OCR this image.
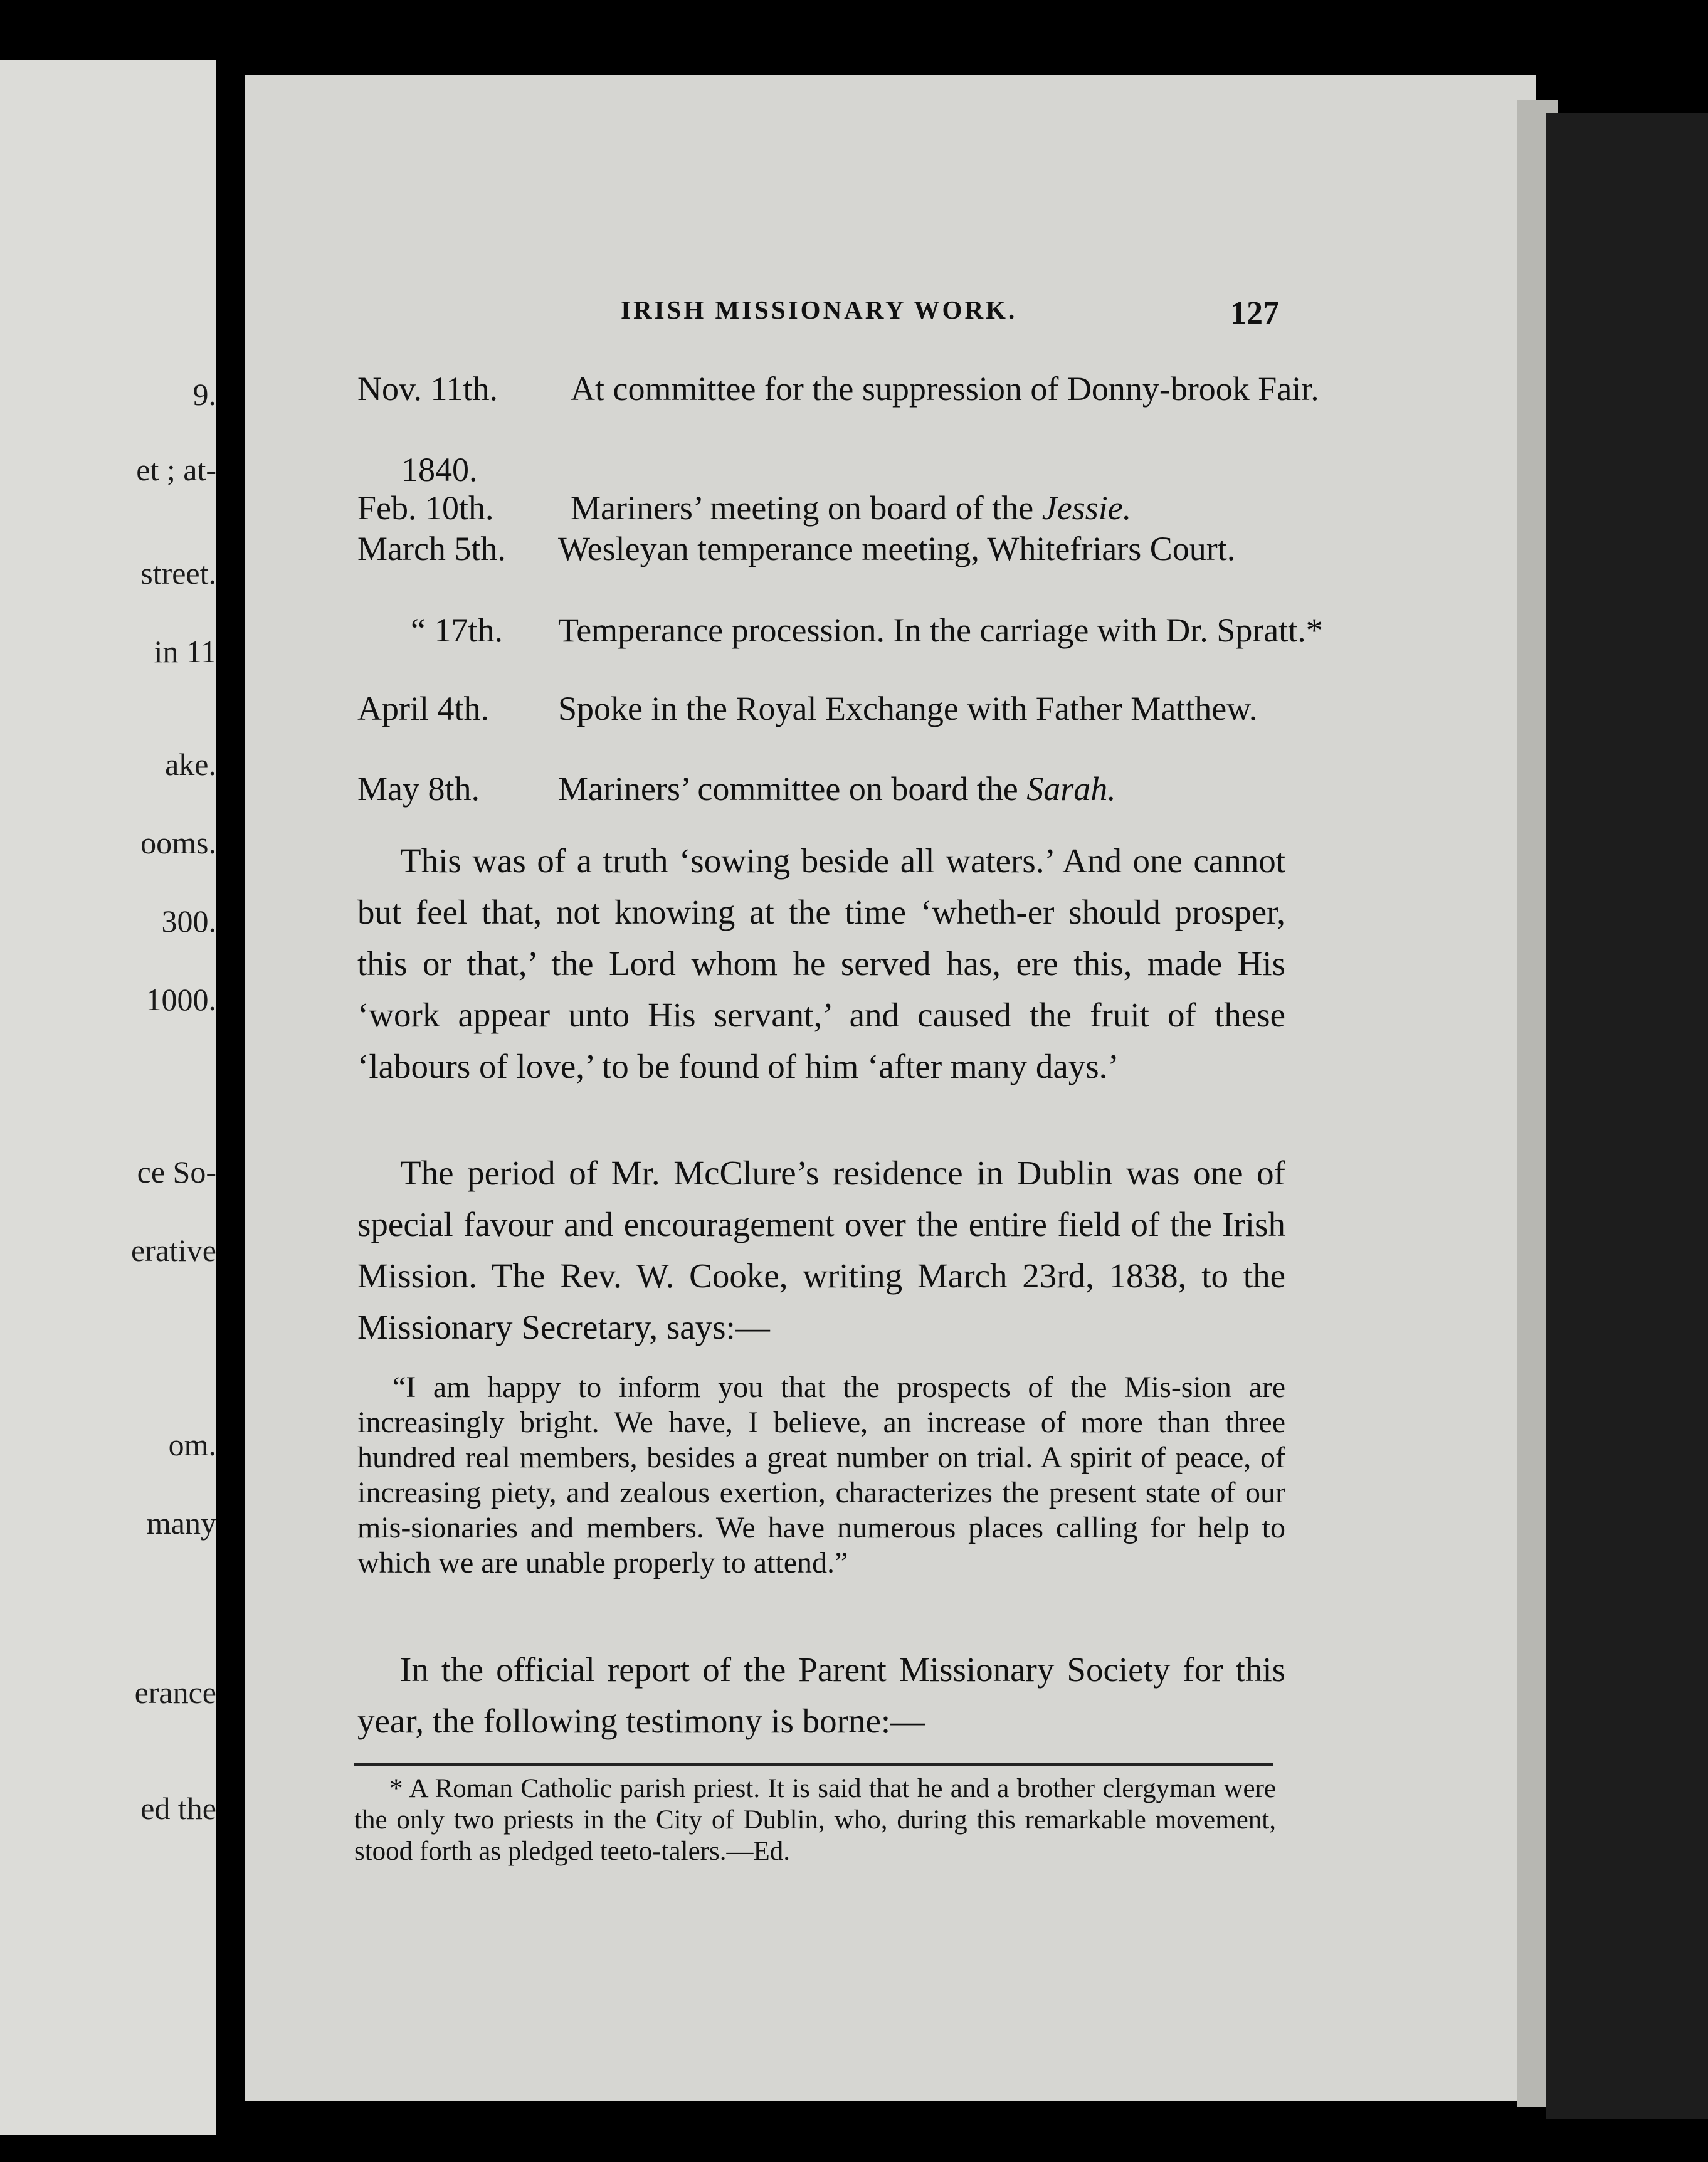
9.
et ; at-
street.
in 11
ake.
ooms.
300.
1000.
ce So-
erative
om.
many
erance
ed the
IRISH MISSIONARY WORK.	127
Nov. 11th. At committee for the suppression of Donny-brook Fair.
1840.
Feb. 10th. Mariners’ meeting on board of the Jessie.
March 5th. Wesleyan temperance meeting, Whitefriars Court.
“ 17th. Temperance procession. In the carriage with Dr. Spratt.*
April 4th. Spoke in the Royal Exchange with Father Matthew.
May 8th. Mariners’ committee on board the Sarah.
This was of a truth ‘sowing beside all waters.’ And one cannot but feel that, not knowing at the time ‘wheth-er should prosper, this or that,’ the Lord whom he served has, ere this, made His ‘work appear unto His servant,’ and caused the fruit of these ‘labours of love,’ to be found of him ‘after many days.’
The period of Mr. McClure’s residence in Dublin was one of special favour and encouragement over the entire field of the Irish Mission. The Rev. W. Cooke, writing March 23rd, 1838, to the Missionary Secretary, says:—
“I am happy to inform you that the prospects of the Mis-sion are increasingly bright. We have, I believe, an increase of more than three hundred real members, besides a great number on trial. A spirit of peace, of increasing piety, and zealous exertion, characterizes the present state of our mis-sionaries and members. We have numerous places calling for help to which we are unable properly to attend.”
In the official report of the Parent Missionary Society for this year, the following testimony is borne:—
* A Roman Catholic parish priest. It is said that he and a brother clergyman were the only two priests in the City of Dublin, who, during this remarkable movement, stood forth as pledged teeto-talers.—Ed.
